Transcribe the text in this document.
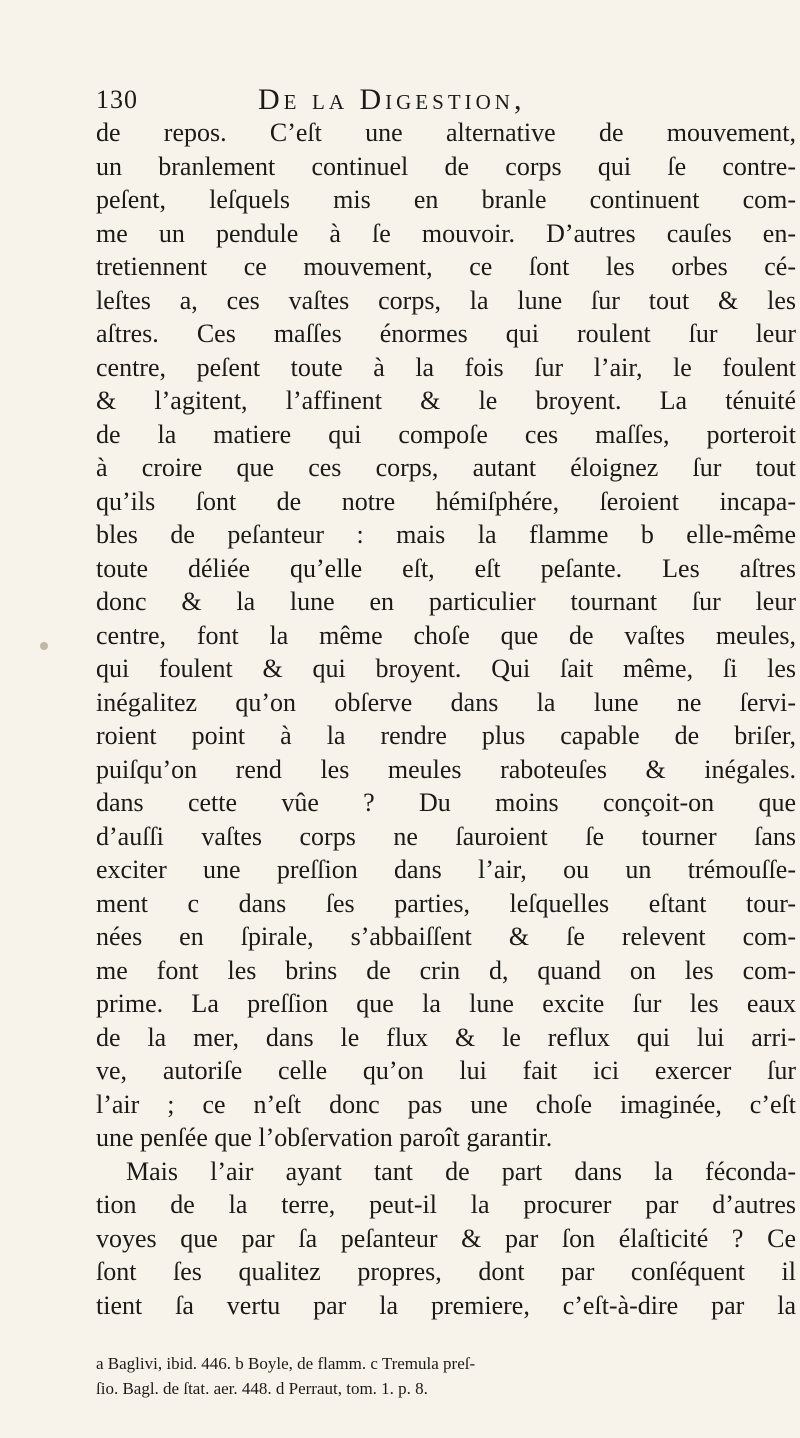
130	De la Digestion,
de repos. C’eſt une alternative de mouvement,
un branlement continuel de corps qui ſe contre-
peſent, leſquels mis en branle continuent com-
me un pendule à ſe mouvoir. D’autres cauſes en-
tretiennent ce mouvement, ce ſont les orbes cé-
leſtes a, ces vaſtes corps, la lune ſur tout & les
aſtres. Ces maſſes énormes qui roulent ſur leur
centre, peſent toute à la fois ſur l’air, le foulent
& l’agitent, l’affinent & le broyent. La ténuité
de la matiere qui compoſe ces maſſes, porteroit
à croire que ces corps, autant éloignez ſur tout
qu’ils ſont de notre hémiſphére, ſeroient incapa-
bles de peſanteur : mais la flamme b elle-même
toute déliée qu’elle eſt, eſt peſante. Les aſtres
donc & la lune en particulier tournant ſur leur
centre, font la même choſe que de vaſtes meules,
qui foulent & qui broyent. Qui ſait même, ſi les
inégalitez qu’on obſerve dans la lune ne ſervi-
roient point à la rendre plus capable de briſer,
puiſqu’on rend les meules raboteuſes & inégales.
dans cette vûe ? Du moins conçoit-on que
d’auſſi vaſtes corps ne ſauroient ſe tourner ſans
exciter une preſſion dans l’air, ou un trémouſſe-
ment c dans ſes parties, leſquelles eſtant tour-
nées en ſpirale, s’abbaiſſent & ſe relevent com-
me font les brins de crin d, quand on les com-
prime. La preſſion que la lune excite ſur les eaux
de la mer, dans le flux & le reflux qui lui arri-
ve, autoriſe celle qu’on lui fait ici exercer ſur
l’air ; ce n’eſt donc pas une choſe imaginée, c’eſt
une penſée que l’obſervation paroît garantir.
Mais l’air ayant tant de part dans la féconda-
tion de la terre, peut-il la procurer par d’autres
voyes que par ſa peſanteur & par ſon élaſticité ? Ce
ſont ſes qualitez propres, dont par conſéquent il
tient ſa vertu par la premiere, c’eſt-à-dire par la
a Baglivi, ibid. 446. b Boyle, de flamm. c Tremula preſ-
ſio. Bagl. de ſtat. aer. 448. d Perraut, tom. 1. p. 8.
